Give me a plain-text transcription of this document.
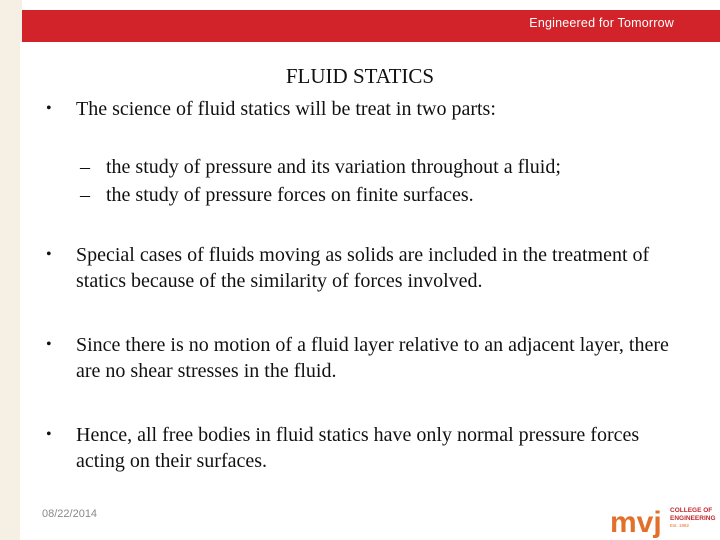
Engineered for Tomorrow
FLUID STATICS
• The science of fluid statics will be treat in two parts:
– the study of pressure and its variation throughout a fluid;
– the study of pressure forces on finite surfaces.
• Special cases of fluids moving as solids are included in the treatment of statics because of the similarity of forces involved.
• Since there is no motion of a fluid layer relative to an adjacent layer, there are no shear stresses in the fluid.
• Hence, all free bodies in fluid statics have only normal pressure forces acting on their surfaces.
08/22/2014	mvj COLLEGE OF
ENGINEERING
Est. 1982
